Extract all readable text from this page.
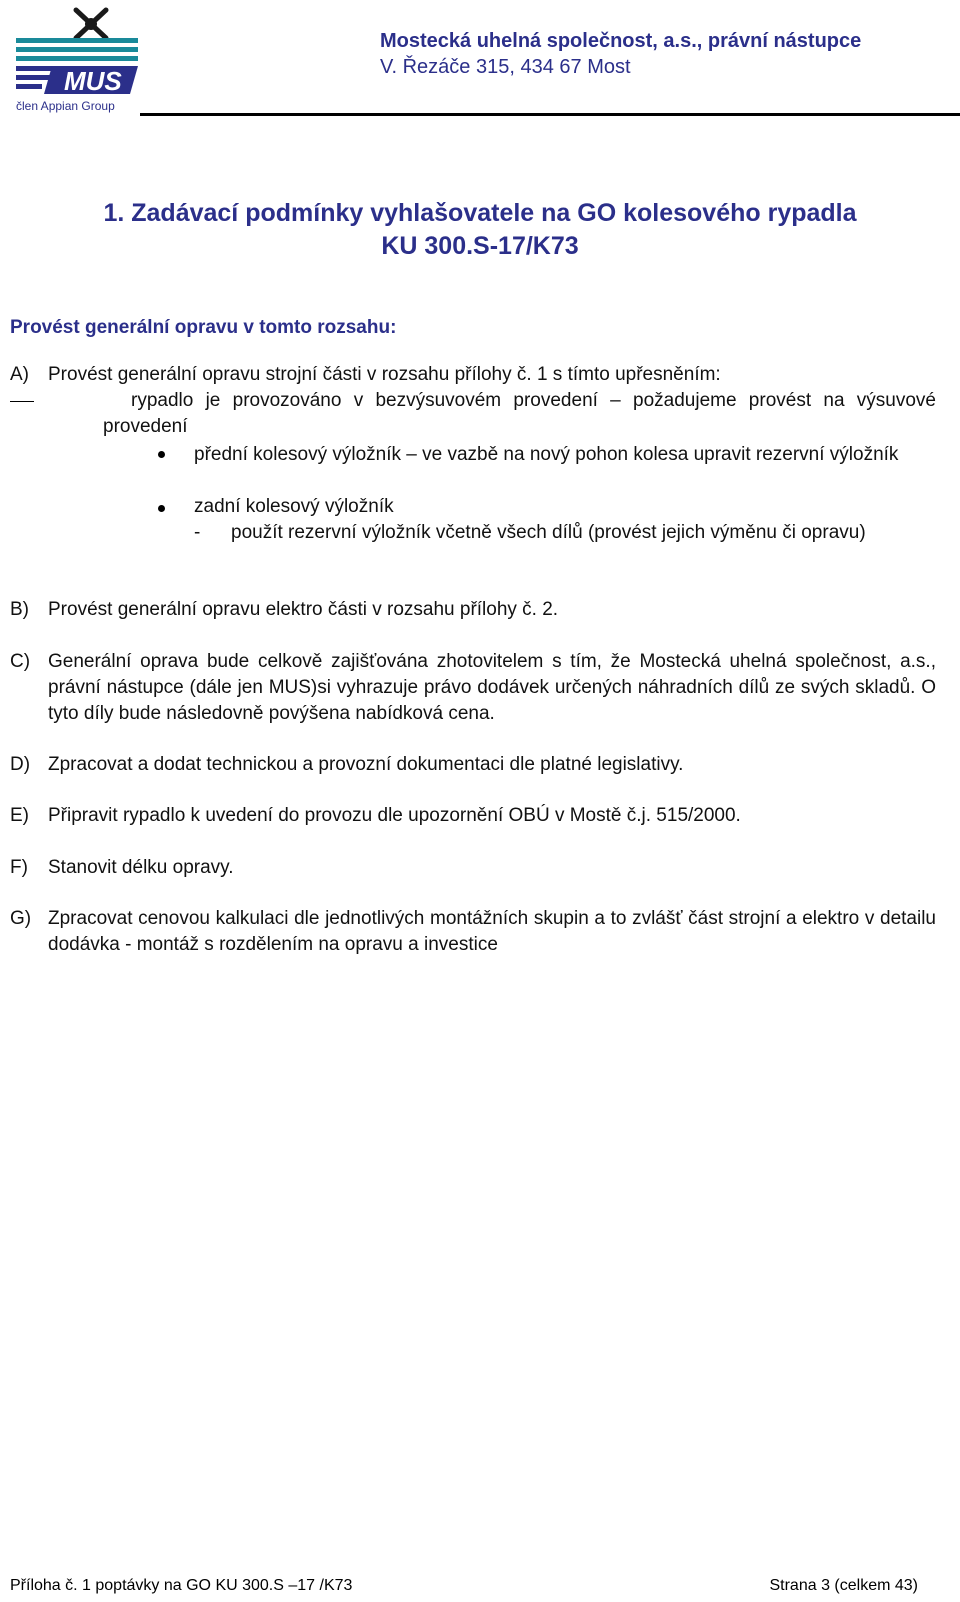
MUS
člen Appian Group
Mostecká uhelná společnost, a.s., právní nástupce
V. Řezáče 315, 434 67 Most
1. Zadávací podmínky vyhlašovatele na GO kolesového rypadla
KU 300.S-17/K73
Provést generální opravu v tomto rozsahu:
A) Provést generální opravu strojní části v rozsahu přílohy č. 1 s tímto upřesněním:
rypadlo je provozováno v bezvýsuvovém provedení – požadujeme provést na výsuvové provedení
přední kolesový výložník – ve vazbě na nový pohon kolesa upravit rezervní výložník
zadní kolesový výložník
- použít rezervní výložník včetně všech dílů (provést jejich výměnu či opravu)
B) Provést generální opravu elektro části v rozsahu přílohy č. 2.
C) Generální oprava bude celkově zajišťována zhotovitelem s tím, že Mostecká uhelná společnost, a.s., právní nástupce (dále jen MUS)si vyhrazuje právo dodávek určených náhradních dílů ze svých skladů. O tyto díly bude následovně povýšena nabídková cena.
D) Zpracovat a dodat technickou a provozní dokumentaci dle platné legislativy.
E) Připravit rypadlo k uvedení do provozu dle upozornění OBÚ v Mostě č.j. 515/2000.
F) Stanovit délku opravy.
G) Zpracovat cenovou kalkulaci dle jednotlivých montážních skupin a to zvlášť část strojní a elektro v detailu dodávka - montáž s rozdělením na opravu a investice
Příloha č. 1 poptávky na GO KU 300.S –17 /K73	Strana 3 (celkem 43)
